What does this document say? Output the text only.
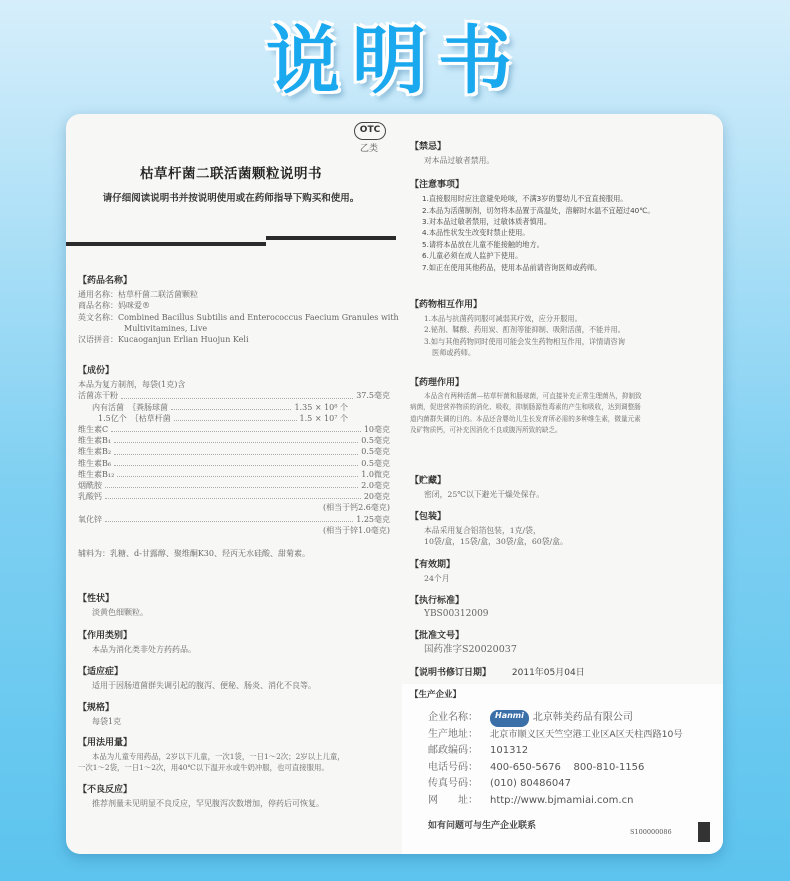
说明书
OTC
乙类
枯草杆菌二联活菌颗粒说明书
请仔细阅读说明书并按说明使用或在药师指导下购买和使用。
【药品名称】
通用名称：枯草杆菌二联活菌颗粒
商品名称：妈咪爱®
英文名称：Combined Bacillus Subtilis and Enterococcus Faecium Granules with
Multivitamines, Live
汉语拼音：Kucaoganjun Erlian Huojun Keli
【成份】
本品为复方制剂，每袋(1克)含
活菌冻干粉	37.5毫克
内有活菌　｛粪肠球菌	1.35 × 10⁸ 个
1.5亿个　｛枯草杆菌	1.5 × 10⁷ 个
维生素C	10毫克
维生素B₁	0.5毫克
维生素B₂	0.5毫克
维生素B₆	0.5毫克
维生素B₁₂	1.0微克
烟酰胺	2.0毫克
乳酸钙	20毫克
(相当于钙2.6毫克)
氧化锌	1.25毫克
(相当于锌1.0毫克)
辅料为：乳糖、d-甘露醇、聚维酮K30、羟丙无水硅酸、甜菊素。
【性状】
淡黄色细颗粒。
【作用类别】
本品为消化类非处方药药品。
【适应症】
适用于因肠道菌群失调引起的腹泻、便秘、肠炎、消化不良等。
【规格】
每袋1克
【用法用量】
本品为儿童专用药品，2岁以下儿童，一次1袋，一日1～2次；2岁以上儿童，
一次1～2袋，一日1～2次，用40℃以下温开水或牛奶冲服，也可直接服用。
【不良反应】
推荐剂量未见明显不良反应，罕见腹泻次数增加，停药后可恢复。
【禁忌】
对本品过敏者禁用。
【注意事项】
1.直接服用时应注意避免呛咳，不满3岁的婴幼儿不宜直接服用。
2.本品为活菌制剂，切勿将本品置于高温处，溶解时水温不宜超过40℃。
3.对本品过敏者禁用，过敏体质者慎用。
4.本品性状发生改变时禁止使用。
5.请将本品放在儿童不能接触的地方。
6.儿童必须在成人监护下使用。
7.如正在使用其他药品，使用本品前请咨询医师或药师。
【药物相互作用】
1.本品与抗菌药同服可减弱其疗效，应分开服用。
2.铋剂、鞣酸、药用炭、酊剂等能抑制、吸附活菌，不能并用。
3.如与其他药物同时使用可能会发生药物相互作用，详情请咨询
医师或药师。
【药理作用】
本品含有两种活菌—枯草杆菌和肠球菌，可直接补充正常生理菌丛，抑制致
病菌，促进营养物质的消化、吸收，抑制肠源性毒素的产生和吸收，达到调整肠
道内菌群失调的目的。本品还含婴幼儿生长发育所必需的多种维生素，微量元素
及矿物质钙，可补充因消化不良或腹泻所致的缺乏。
【贮藏】
密闭，25℃以下避光干燥处保存。
【包装】
本品采用复合铝箔包装，1克/袋，
10袋/盒，15袋/盒，30袋/盒，60袋/盒。
【有效期】
24个月
【执行标准】
YBS00312009
【批准文号】
国药准字S20020037
【说明书修订日期】 2011年05月04日
【生产企业】
企业名称：	Hanmi 北京韩美药品有限公司
生产地址：	北京市顺义区天竺空港工业区A区天柱西路10号
邮政编码：	101312
电话号码：	400-650-5676    800-810-1156
传真号码：	(010) 80486047
网　　址：	http://www.bjmamiai.com.cn
如有问题可与生产企业联系
S100000086
